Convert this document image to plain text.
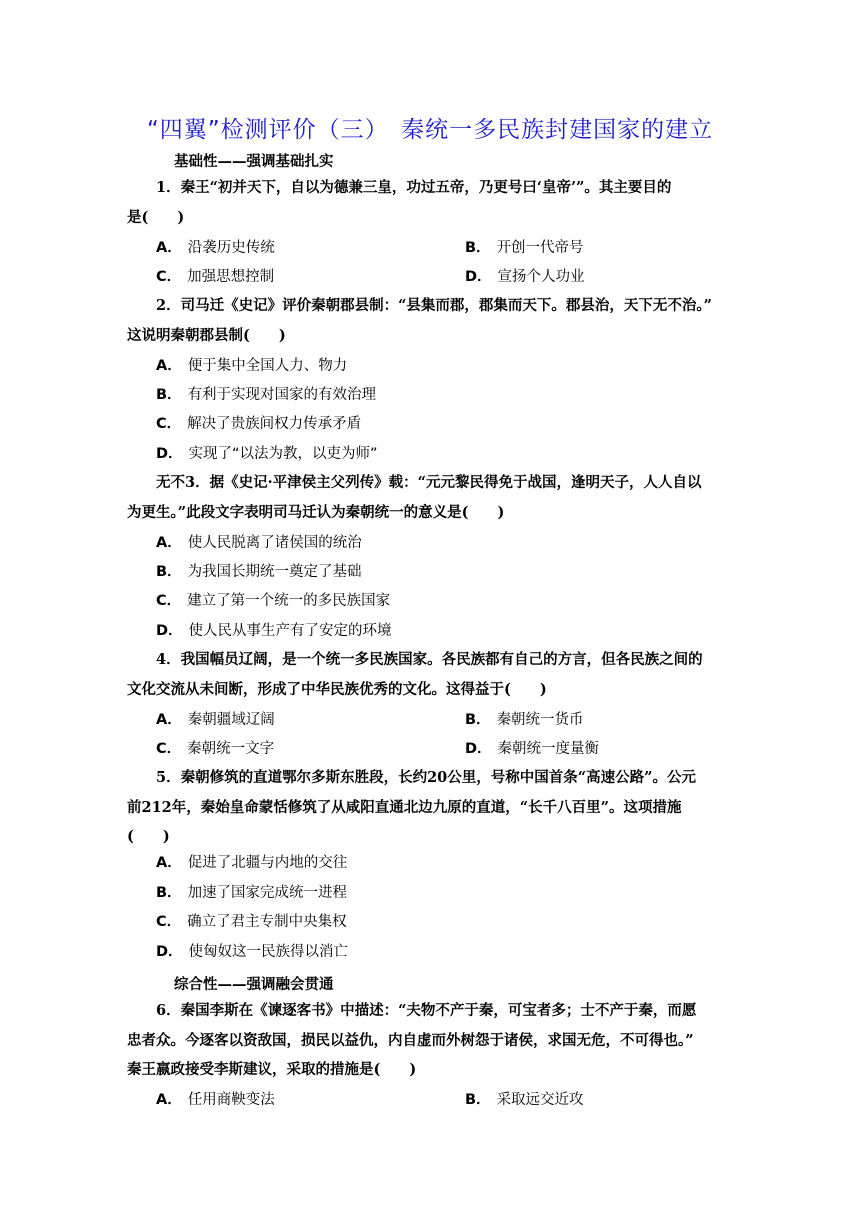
“四翼”检测评价（三）　秦统一多民族封建国家的建立
基础性——强调基础扎实
1．秦王“初并天下，自以为德兼三皇，功过五帝，乃更号曰‘皇帝’”。其主要目的
是(　　)
A． 沿袭历史传统	B． 开创一代帝号
C． 加强思想控制	D． 宣扬个人功业
2．司马迁《史记》评价秦朝郡县制：“县集而郡，郡集而天下。郡县治，天下无不治。”
这说明秦朝郡县制(　　)
A． 便于集中全国人力、物力
B． 有利于实现对国家的有效治理
C． 解决了贵族间权力传承矛盾
D． 实现了“以法为教，以吏为师”
无不3．据《史记·平津侯主父列传》载：“元元黎民得免于战国，逢明天子，人人自以
为更生。”此段文字表明司马迁认为秦朝统一的意义是(　　)
A． 使人民脱离了诸侯国的统治
B． 为我国长期统一奠定了基础
C． 建立了第一个统一的多民族国家
D． 使人民从事生产有了安定的环境
4．我国幅员辽阔，是一个统一多民族国家。各民族都有自己的方言，但各民族之间的
文化交流从未间断，形成了中华民族优秀的文化。这得益于(　　)
A． 秦朝疆域辽阔	B． 秦朝统一货币
C． 秦朝统一文字	D． 秦朝统一度量衡
5．秦朝修筑的直道鄂尔多斯东胜段，长约20公里，号称中国首条“高速公路”。公元
前212年，秦始皇命蒙恬修筑了从咸阳直通北边九原的直道，“长千八百里”。这项措施
(　　)
A． 促进了北疆与内地的交往
B． 加速了国家完成统一进程
C． 确立了君主专制中央集权
D． 使匈奴这一民族得以消亡
综合性——强调融会贯通
6．秦国李斯在《谏逐客书》中描述：“夫物不产于秦，可宝者多；士不产于秦，而愿
忠者众。今逐客以资敌国，损民以益仇，内自虚而外树怨于诸侯，求国无危，不可得也。”
秦王嬴政接受李斯建议，采取的措施是(　　)
A． 任用商鞅变法	B． 采取远交近攻
